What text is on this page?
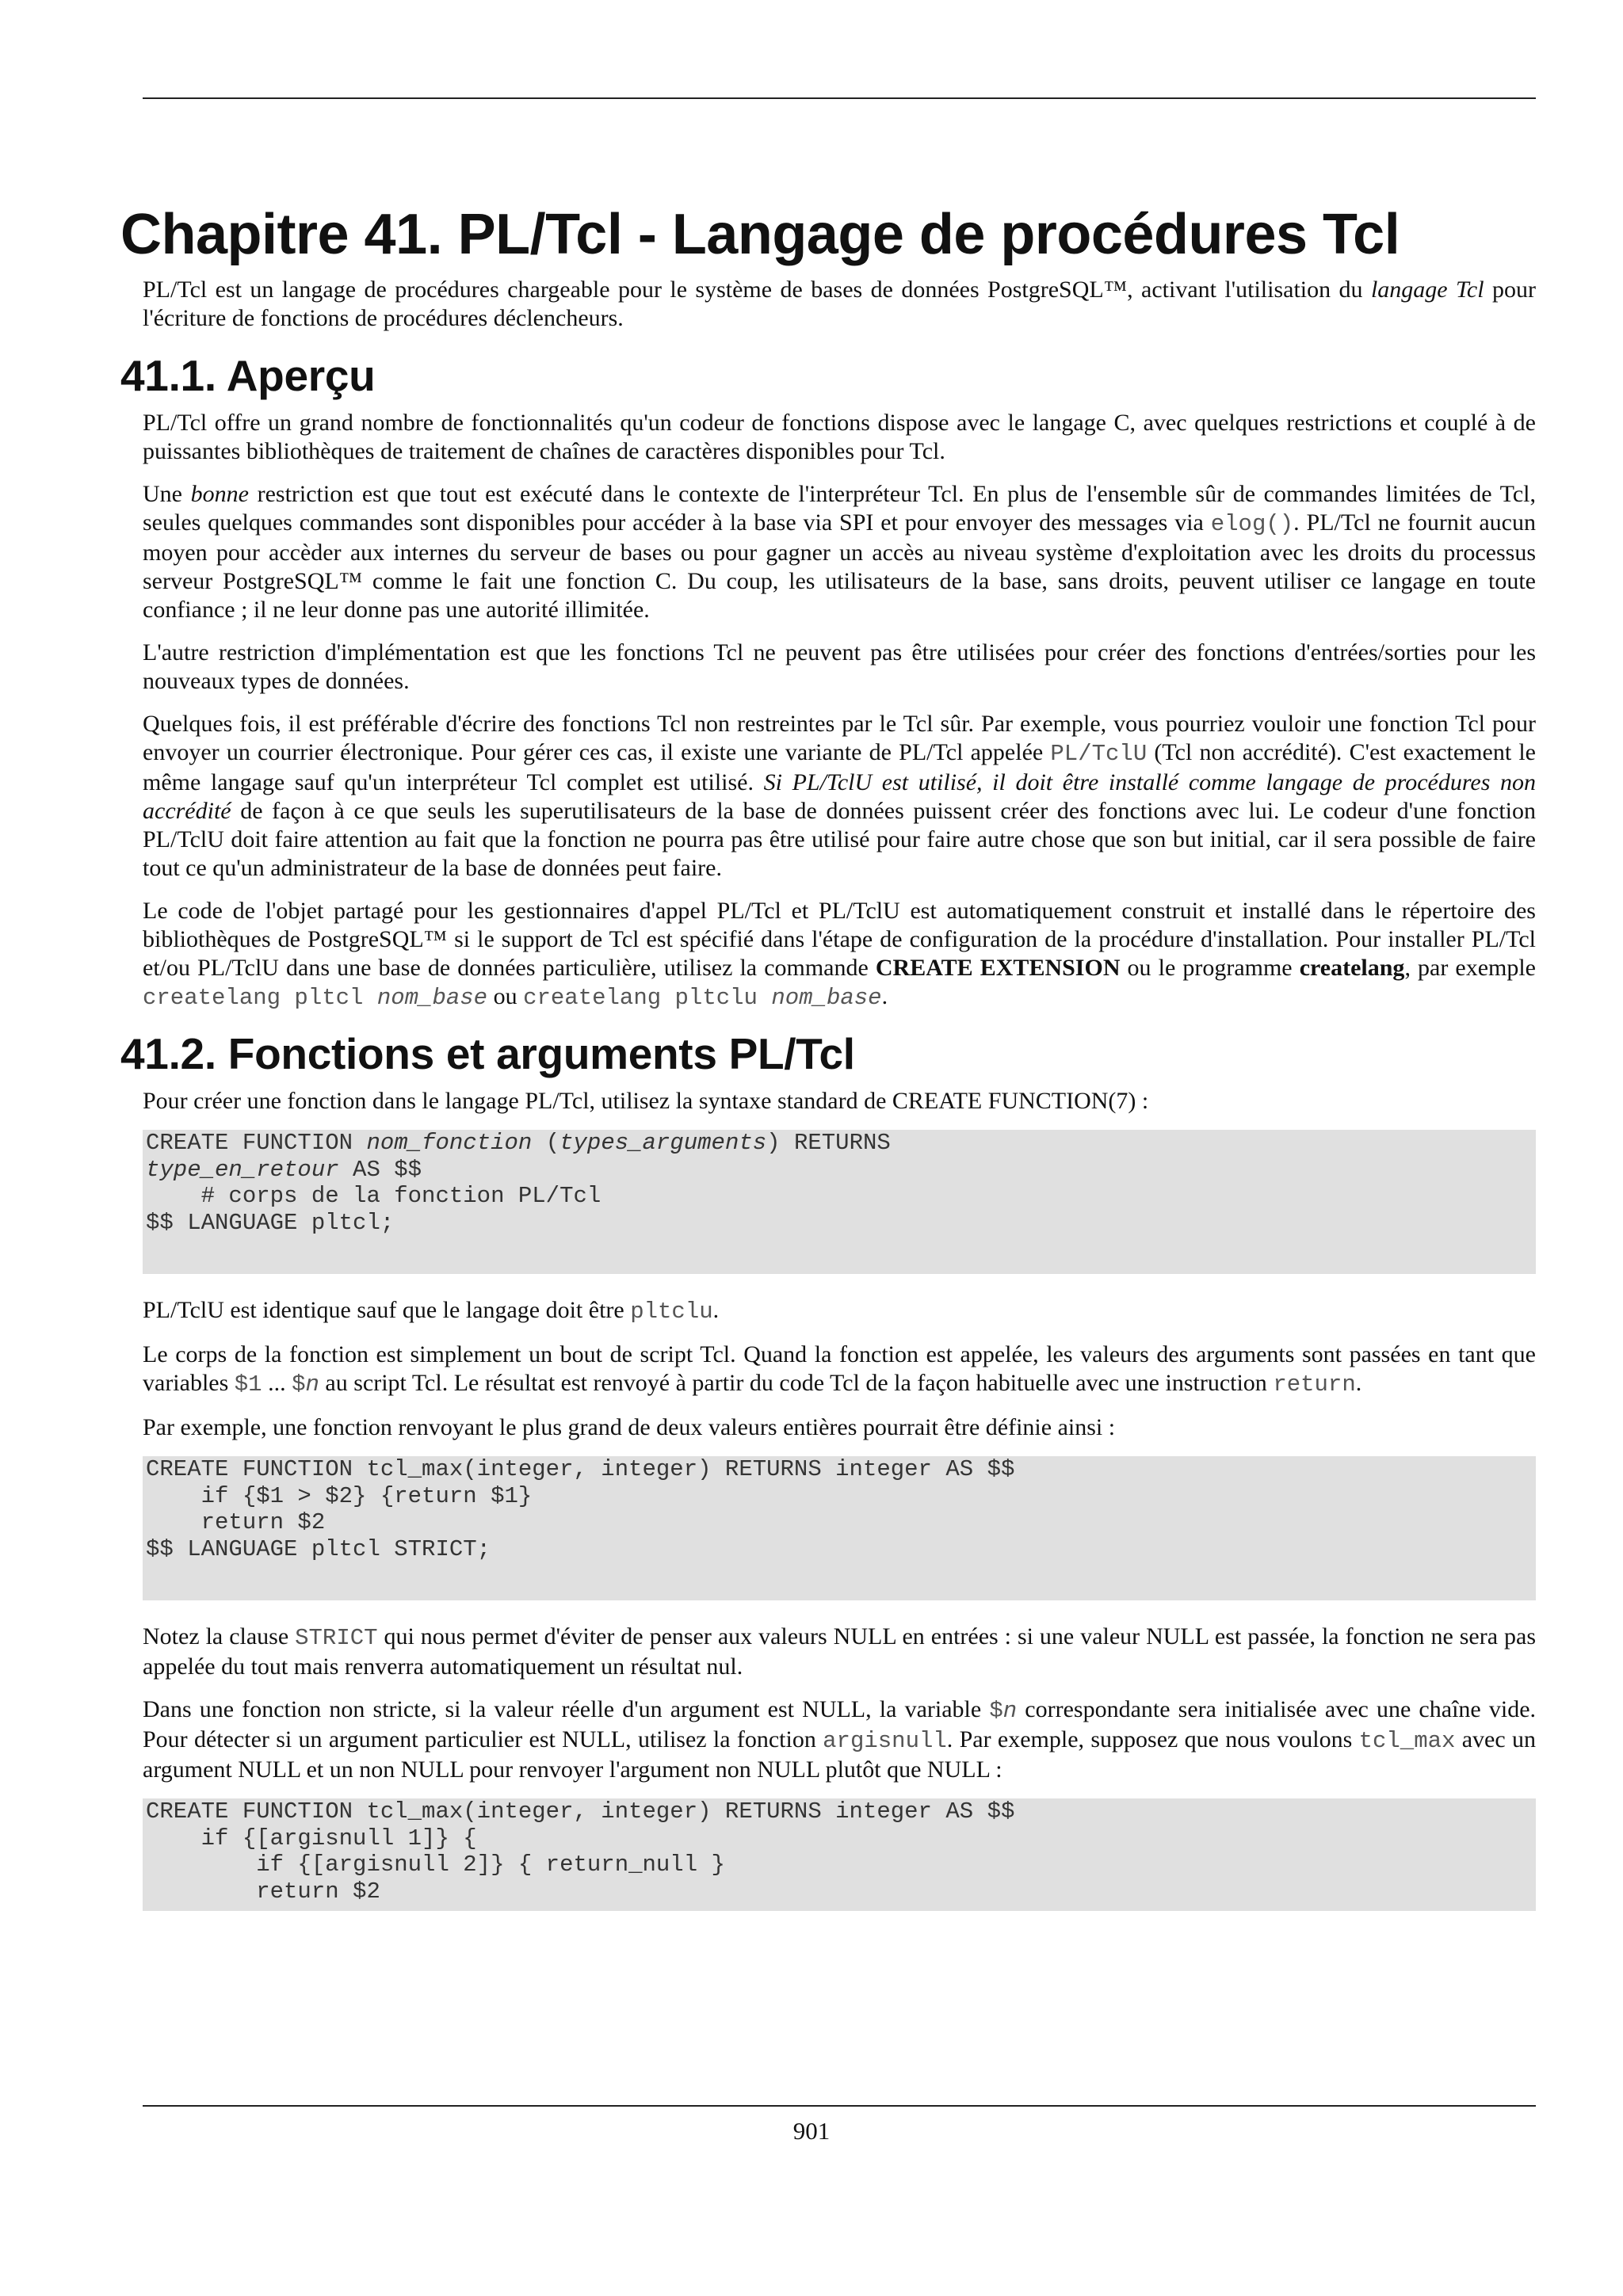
Chapitre 41. PL/Tcl - Langage de procédures Tcl

PL/Tcl est un langage de procédures chargeable pour le système de bases de données PostgreSQL™, activant l'utilisation du langage Tcl pour l'écriture de fonctions de procédures déclencheurs.

41.1. Aperçu

PL/Tcl offre un grand nombre de fonctionnalités qu'un codeur de fonctions dispose avec le langage C, avec quelques restrictions et couplé à de puissantes bibliothèques de traitement de chaînes de caractères disponibles pour Tcl.

Une bonne restriction est que tout est exécuté dans le contexte de l'interpréteur Tcl. En plus de l'ensemble sûr de commandes limitées de Tcl, seules quelques commandes sont disponibles pour accéder à la base via SPI et pour envoyer des messages via elog(). PL/Tcl ne fournit aucun moyen pour accèder aux internes du serveur de bases ou pour gagner un accès au niveau système d'exploitation avec les droits du processus serveur PostgreSQL™ comme le fait une fonction C. Du coup, les utilisateurs de la base, sans droits, peuvent utiliser ce langage en toute confiance ; il ne leur donne pas une autorité illimitée.

L'autre restriction d'implémentation est que les fonctions Tcl ne peuvent pas être utilisées pour créer des fonctions d'entrées/sorties pour les nouveaux types de données.

Quelques fois, il est préférable d'écrire des fonctions Tcl non restreintes par le Tcl sûr. Par exemple, vous pourriez vouloir une fonction Tcl pour envoyer un courrier électronique. Pour gérer ces cas, il existe une variante de PL/Tcl appelée PL/TclU (Tcl non accrédité). C'est exactement le même langage sauf qu'un interpréteur Tcl complet est utilisé. Si PL/TclU est utilisé, il doit être installé comme langage de procédures non accrédité de façon à ce que seuls les superutilisateurs de la base de données puissent créer des fonctions avec lui. Le codeur d'une fonction PL/TclU doit faire attention au fait que la fonction ne pourra pas être utilisé pour faire autre chose que son but initial, car il sera possible de faire tout ce qu'un administrateur de la base de données peut faire.

Le code de l'objet partagé pour les gestionnaires d'appel PL/Tcl et PL/TclU est automatiquement construit et installé dans le répertoire des bibliothèques de PostgreSQL™ si le support de Tcl est spécifié dans l'étape de configuration de la procédure d'installation. Pour installer PL/Tcl et/ou PL/TclU dans une base de données particulière, utilisez la commande CREATE EXTENSION ou le programme createlang, par exemple createlang pltcl nom_base ou createlang pltclu nom_base.

41.2. Fonctions et arguments PL/Tcl

Pour créer une fonction dans le langage PL/Tcl, utilisez la syntaxe standard de CREATE FUNCTION(7) :

CREATE FUNCTION nom_fonction (types_arguments) RETURNS
type_en_retour AS $$
# corps de la fonction PL/Tcl
$$ LANGUAGE pltcl;

PL/TclU est identique sauf que le langage doit être pltclu.

Le corps de la fonction est simplement un bout de script Tcl. Quand la fonction est appelée, les valeurs des arguments sont passées en tant que variables $1 ... $n au script Tcl. Le résultat est renvoyé à partir du code Tcl de la façon habituelle avec une instruction return.

Par exemple, une fonction renvoyant le plus grand de deux valeurs entières pourrait être définie ainsi :

CREATE FUNCTION tcl_max(integer, integer) RETURNS integer AS $$
if {$1 > $2} {return $1}
return $2
$$ LANGUAGE pltcl STRICT;

Notez la clause STRICT qui nous permet d'éviter de penser aux valeurs NULL en entrées : si une valeur NULL est passée, la fonction ne sera pas appelée du tout mais renverra automatiquement un résultat nul.

Dans une fonction non stricte, si la valeur réelle d'un argument est NULL, la variable $n correspondante sera initialisée avec une chaîne vide. Pour détecter si un argument particulier est NULL, utilisez la fonction argisnull. Par exemple, supposez que nous voulons tcl_max avec un argument NULL et un non NULL pour renvoyer l'argument non NULL plutôt que NULL :

CREATE FUNCTION tcl_max(integer, integer) RETURNS integer AS $$
if {[argisnull 1]} {
if {[argisnull 2]} { return_null }
return $2
901
